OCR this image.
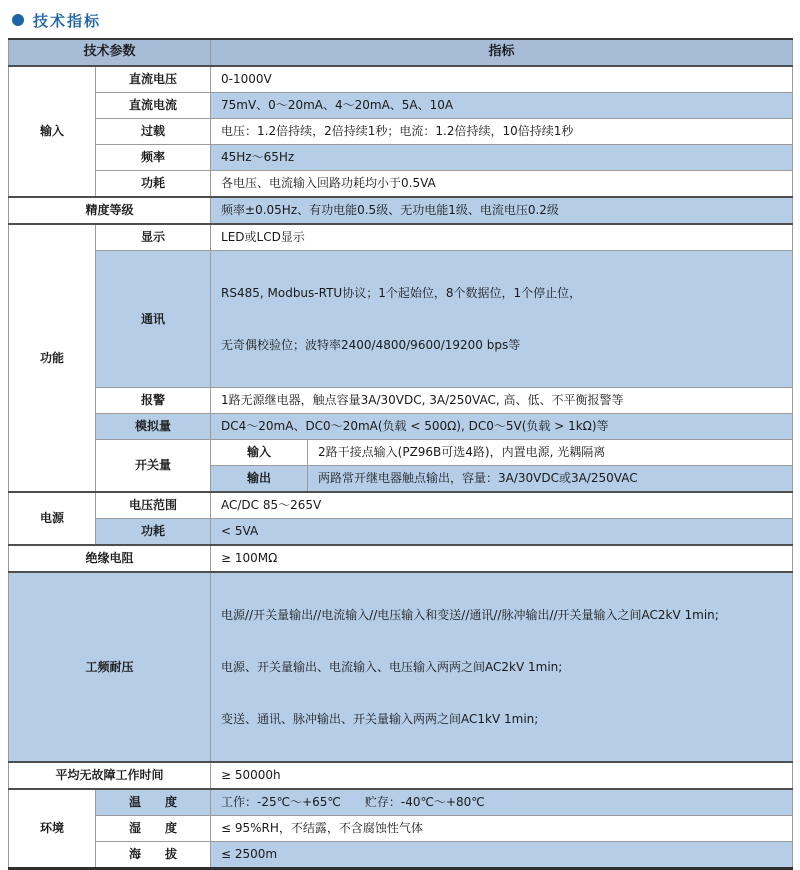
技术指标
技术参数		指标	
输入	直流电压	0-1000V	
	直流电流	75mV、0～20mA、4～20mA、5A、10A	
	过载	电压：1.2倍持续，2倍持续1秒；电流：1.2倍持续，10倍持续1秒	
	频率	45Hz～65Hz	
	功耗	各电压、电流输入回路功耗均小于0.5VA	
精度等级		频率±0.05Hz、有功电能0.5级、无功电能1级、电流电压0.2级	
功能	显示	LED或LCD显示	
	通讯	RS485, Modbus-RTU协议；1个起始位，8个数据位，1个停止位，

无奇偶校验位；波特率2400/4800/9600/19200 bps等	

	报警	1路无源继电器，触点容量3A/30VDC, 3A/250VAC, 高、低、不平衡报警等	
	模拟量	DC4～20mA、DC0～20mA(负载 < 500Ω), DC0～5V(负载 > 1kΩ)等	
	开关量	输入	2路干接点输入(PZ96B可选4路)，内置电源, 光耦隔离
		输出	两路常开继电器触点输出，容量：3A/30VDC或3A/250VAC
电源	电压范围	AC/DC 85～265V	
	功耗	< 5VA	
绝缘电阻		≥ 100MΩ	
工频耐压		电源//开关量输出//电流输入//电压输入和变送//通讯//脉冲输出//开关量输入之间AC2kV 1min;

电源、开关量输出、电流输入、电压输入两两之间AC2kV 1min;

变送、通讯、脉冲输出、开关量输入两两之间AC1kV 1min;	

平均无故障工作时间		≥ 50000h	
环境	温　　度	工作：-25℃～+65℃　　贮存：-40℃～+80℃	
	湿　　度	≤ 95%RH，不结露，不含腐蚀性气体	
	海　　拔	≤ 2500m	
